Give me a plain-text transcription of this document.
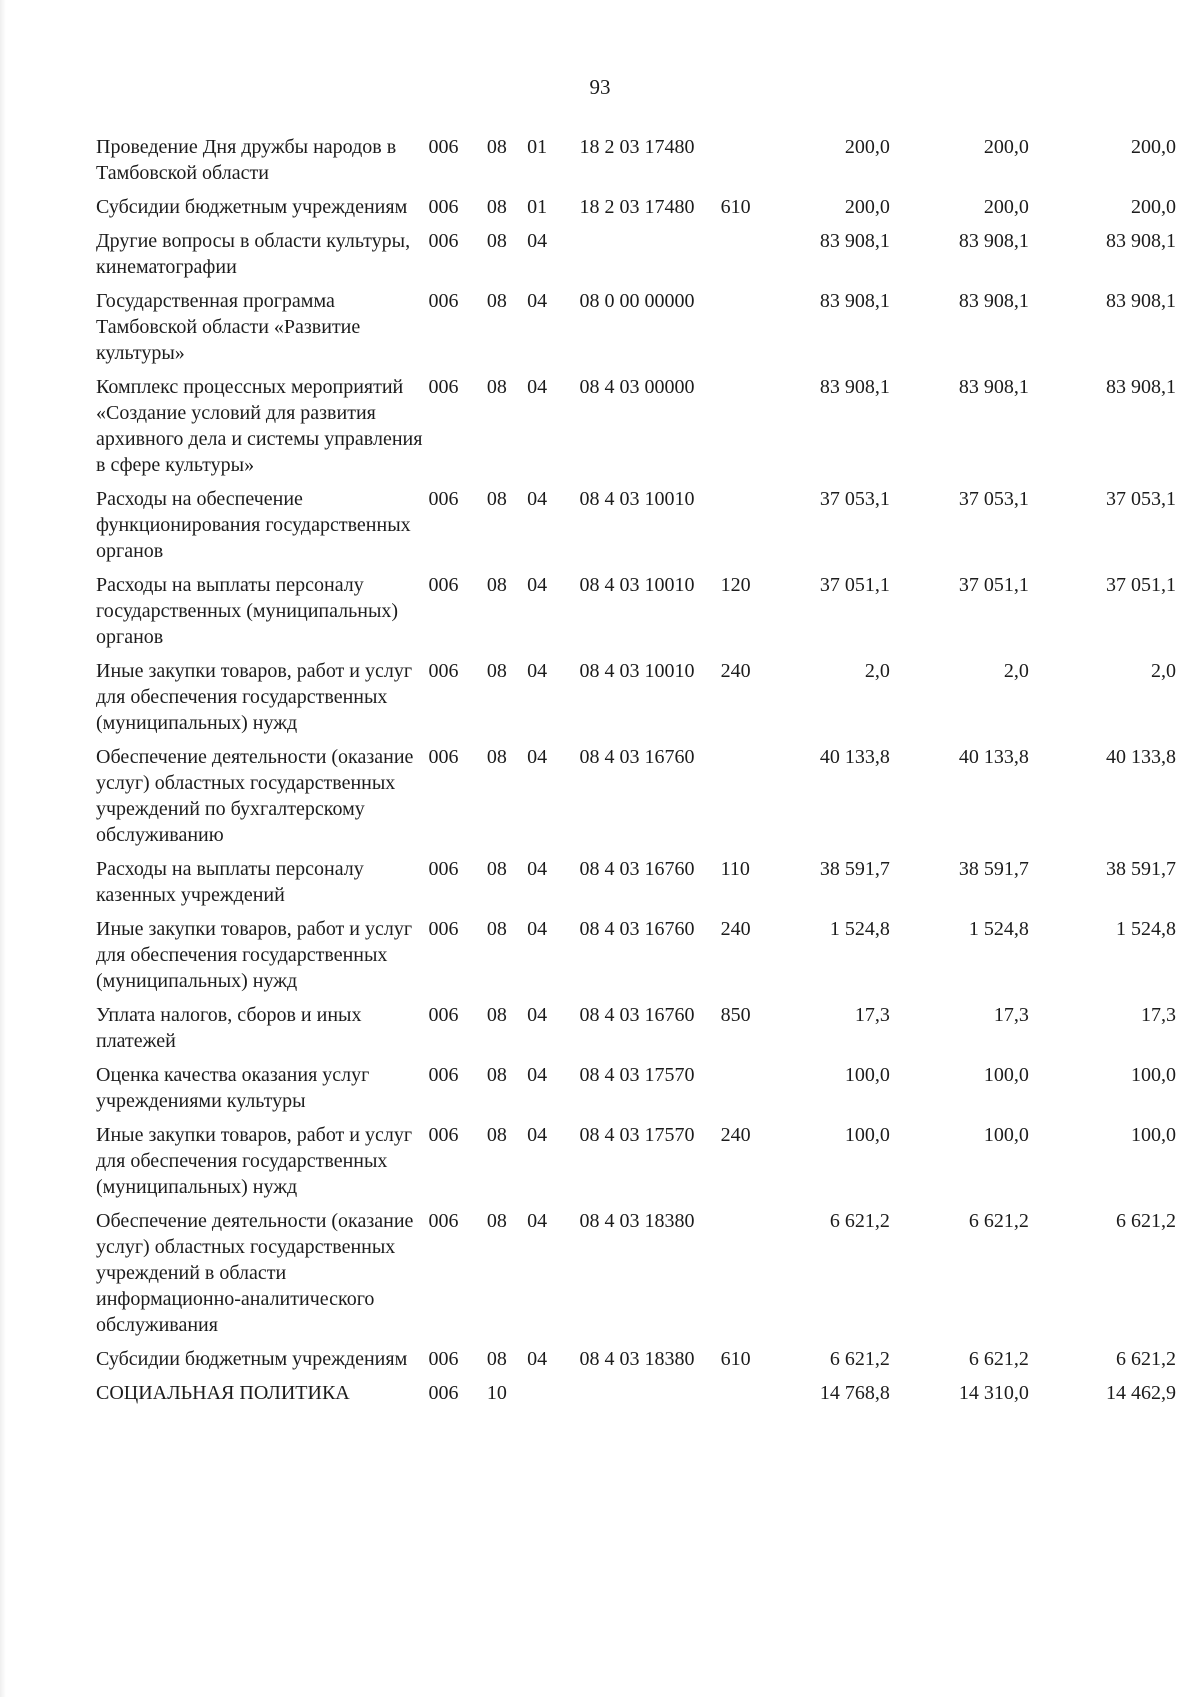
93
Проведение Дня дружбы народов в Тамбовской области	006	08	01	18 2 03 17480		200,0	200,0	200,0
Субсидии бюджетным учреждениям	006	08	01	18 2 03 17480	610	200,0	200,0	200,0
Другие вопросы в области культуры, кинематографии	006	08	04			83 908,1	83 908,1	83 908,1
Государственная программа Тамбовской области «Развитие культуры»	006	08	04	08 0 00 00000		83 908,1	83 908,1	83 908,1
Комплекс процессных мероприятий «Создание условий для развития архивного дела и системы управления в сфере культуры»	006	08	04	08 4 03 00000		83 908,1	83 908,1	83 908,1
Расходы на обеспечение функционирования государственных органов	006	08	04	08 4 03 10010		37 053,1	37 053,1	37 053,1
Расходы на выплаты персоналу государственных (муниципальных) органов	006	08	04	08 4 03 10010	120	37 051,1	37 051,1	37 051,1
Иные закупки товаров, работ и услуг для обеспечения государственных (муниципальных) нужд	006	08	04	08 4 03 10010	240	2,0	2,0	2,0
Обеспечение деятельности (оказание услуг) областных государственных учреждений по бухгалтерскому обслуживанию	006	08	04	08 4 03 16760		40 133,8	40 133,8	40 133,8
Расходы на выплаты персоналу казенных учреждений	006	08	04	08 4 03 16760	110	38 591,7	38 591,7	38 591,7
Иные закупки товаров, работ и услуг для обеспечения государственных (муниципальных) нужд	006	08	04	08 4 03 16760	240	1 524,8	1 524,8	1 524,8
Уплата налогов, сборов и иных платежей	006	08	04	08 4 03 16760	850	17,3	17,3	17,3
Оценка качества оказания услуг учреждениями культуры	006	08	04	08 4 03 17570		100,0	100,0	100,0
Иные закупки товаров, работ и услуг для обеспечения государственных (муниципальных) нужд	006	08	04	08 4 03 17570	240	100,0	100,0	100,0
Обеспечение деятельности (оказание услуг) областных государственных учреждений в области информационно-аналитического обслуживания	006	08	04	08 4 03 18380		6 621,2	6 621,2	6 621,2
Субсидии бюджетным учреждениям	006	08	04	08 4 03 18380	610	6 621,2	6 621,2	6 621,2
СОЦИАЛЬНАЯ ПОЛИТИКА	006	10				14 768,8	14 310,0	14 462,9
